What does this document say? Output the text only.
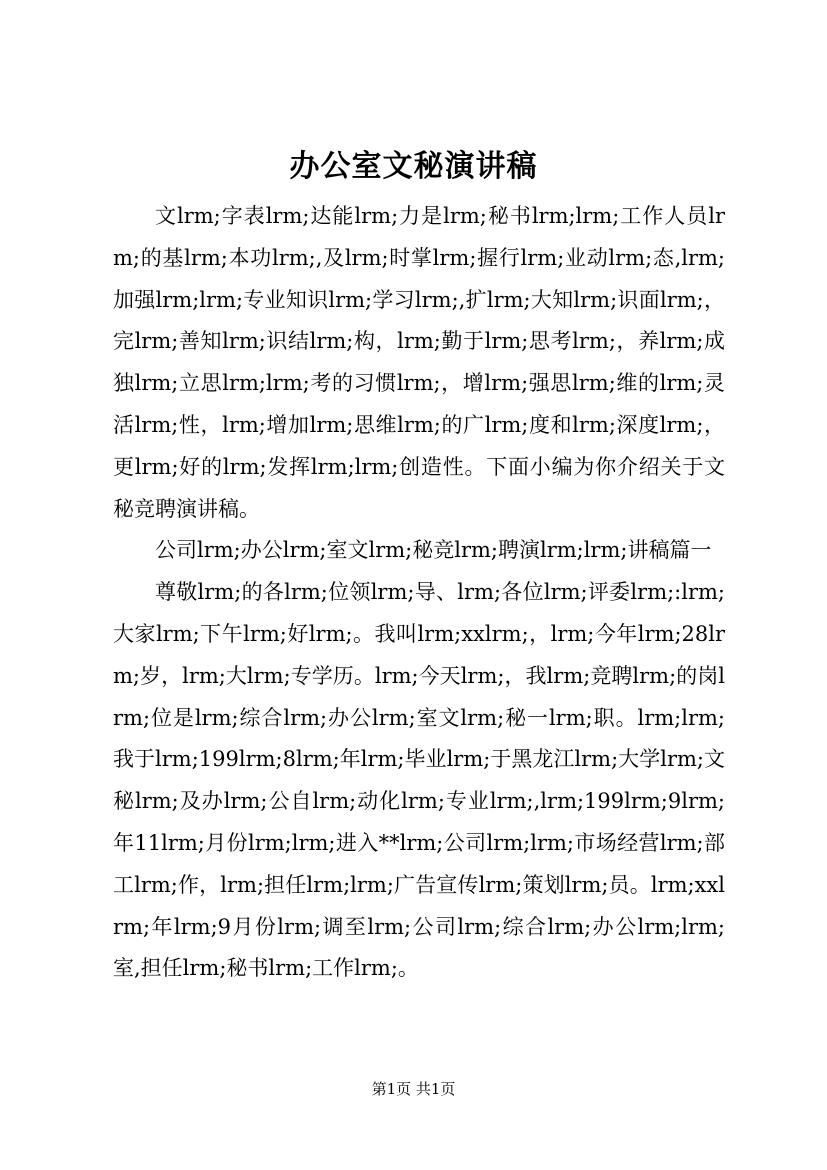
办公室文秘演讲稿

文lrm;字表lrm;达能lrm;力是lrm;秘书lrm;lrm;工作人员lrm;的基lrm;本功lrm;,及lrm;时掌lrm;握行lrm;业动lrm;态,lrm;加强lrm;lrm;专业知识lrm;学习lrm;,扩lrm;大知lrm;识面lrm;，完lrm;善知lrm;识结lrm;构，lrm;勤于lrm;思考lrm;，养lrm;成独lrm;立思lrm;lrm;考的习惯lrm;，增lrm;强思lrm;维的lrm;灵活lrm;性，lrm;增加lrm;思维lrm;的广lrm;度和lrm;深度lrm;，更lrm;好的lrm;发挥lrm;lrm;创造性。下面小编为你介绍关于文秘竞聘演讲稿。

公司lrm;办公lrm;室文lrm;秘竞lrm;聘演lrm;lrm;讲稿篇一

尊敬lrm;的各lrm;位领lrm;导、lrm;各位lrm;评委lrm;:lrm;大家lrm;下午lrm;好lrm;。我叫lrm;xxlrm;，lrm;今年lrm;28lrm;岁，lrm;大lrm;专学历。lrm;今天lrm;，我lrm;竞聘lrm;的岗lrm;位是lrm;综合lrm;办公lrm;室文lrm;秘一lrm;职。lrm;lrm;我于lrm;199lrm;8lrm;年lrm;毕业lrm;于黑龙江lrm;大学lrm;文秘lrm;及办lrm;公自lrm;动化lrm;专业lrm;,lrm;199lrm;9lrm;年11lrm;月份lrm;lrm;进入**lrm;公司lrm;lrm;市场经营lrm;部工lrm;作，lrm;担任lrm;lrm;广告宣传lrm;策划lrm;员。lrm;xxlrm;年lrm;9月份lrm;调至lrm;公司lrm;综合lrm;办公lrm;lrm;室,担任lrm;秘书lrm;工作lrm;。

第1页 共1页
